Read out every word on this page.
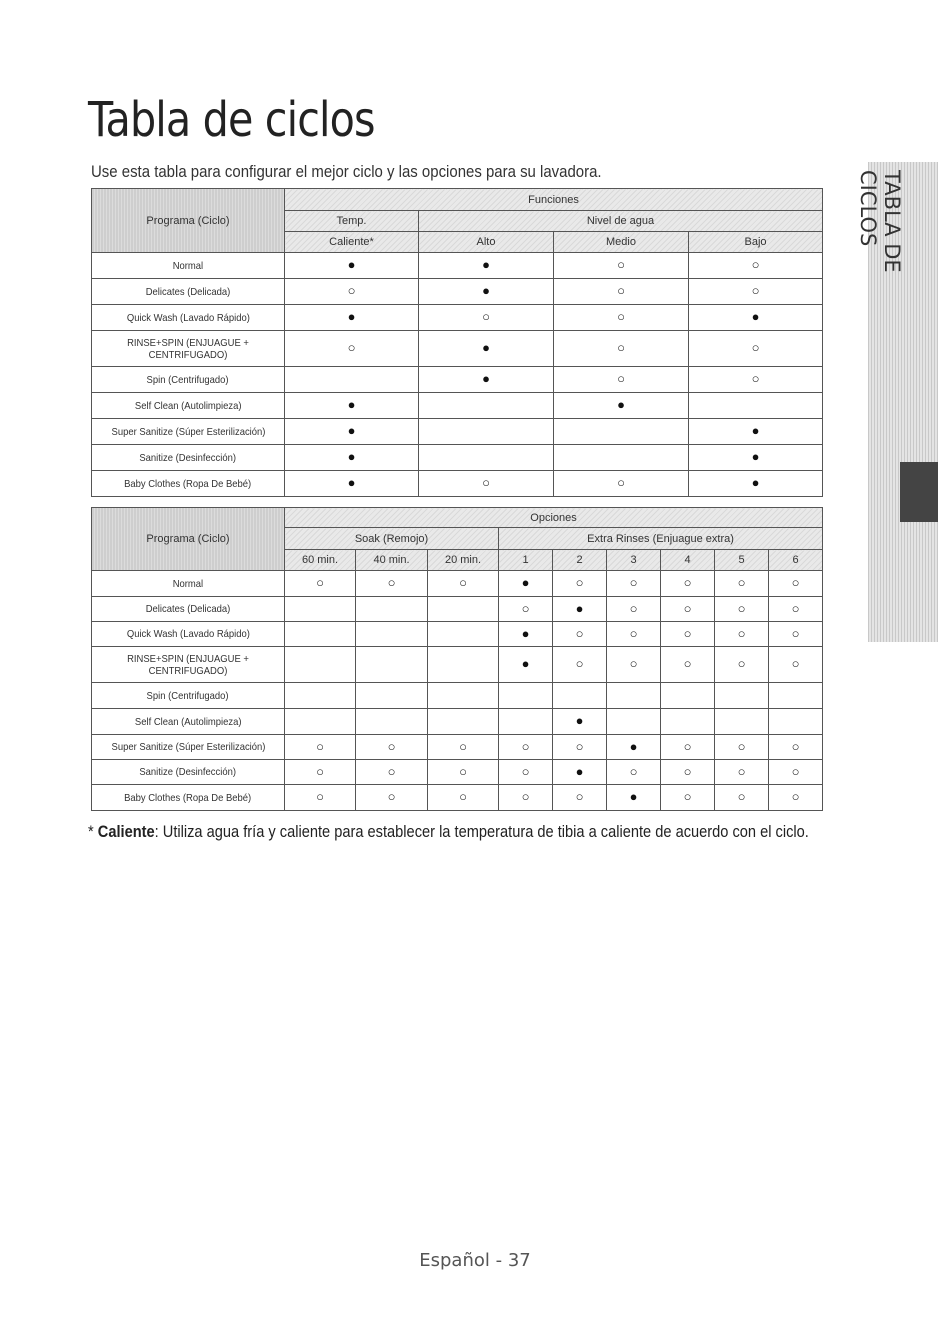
Tabla de ciclos

Use esta tabla para configurar el mejor ciclo y las opciones para su lavadora.	TABLA DE CICLOS
Programa (Ciclo)	Funciones			
	Temp.	Nivel de agua		
	Caliente*	Alto	Medio	Bajo
Normal	●	●	○	○
Delicates (Delicada)	○	●	○	○
Quick Wash (Lavado Rápido)	●	○	○	●
RINSE+SPIN (ENJUAGUE + CENTRIFUGADO)	○	●	○	○
Spin (Centrifugado)		●	○	○
Self Clean (Autolimpieza)	●		●	
Super Sanitize (Súper Esterilización)	●			●
Sanitize (Desinfección)	●			●
Baby Clothes (Ropa De Bebé)	●	○	○	●
Programa (Ciclo)	Opciones								
	Soak (Remojo)			Extra Rinses (Enjuague extra)					
	60 min.	40 min.	20 min.	1	2	3	4	5	6
Normal	○	○	○	●	○	○	○	○	○
Delicates (Delicada)				○	●	○	○	○	○
Quick Wash (Lavado Rápido)				●	○	○	○	○	○
RINSE+SPIN (ENJUAGUE + CENTRIFUGADO)				●	○	○	○	○	○
Spin (Centrifugado)									
Self Clean (Autolimpieza)					●				
Super Sanitize (Súper Esterilización)	○	○	○	○	○	●	○	○	○
Sanitize (Desinfección)	○	○	○	○	●	○	○	○	○
Baby Clothes (Ropa De Bebé)	○	○	○	○	○	●	○	○	○

* Caliente: Utiliza agua fría y caliente para establecer la temperatura de tibia a caliente de acuerdo con el ciclo.

Español - 37
